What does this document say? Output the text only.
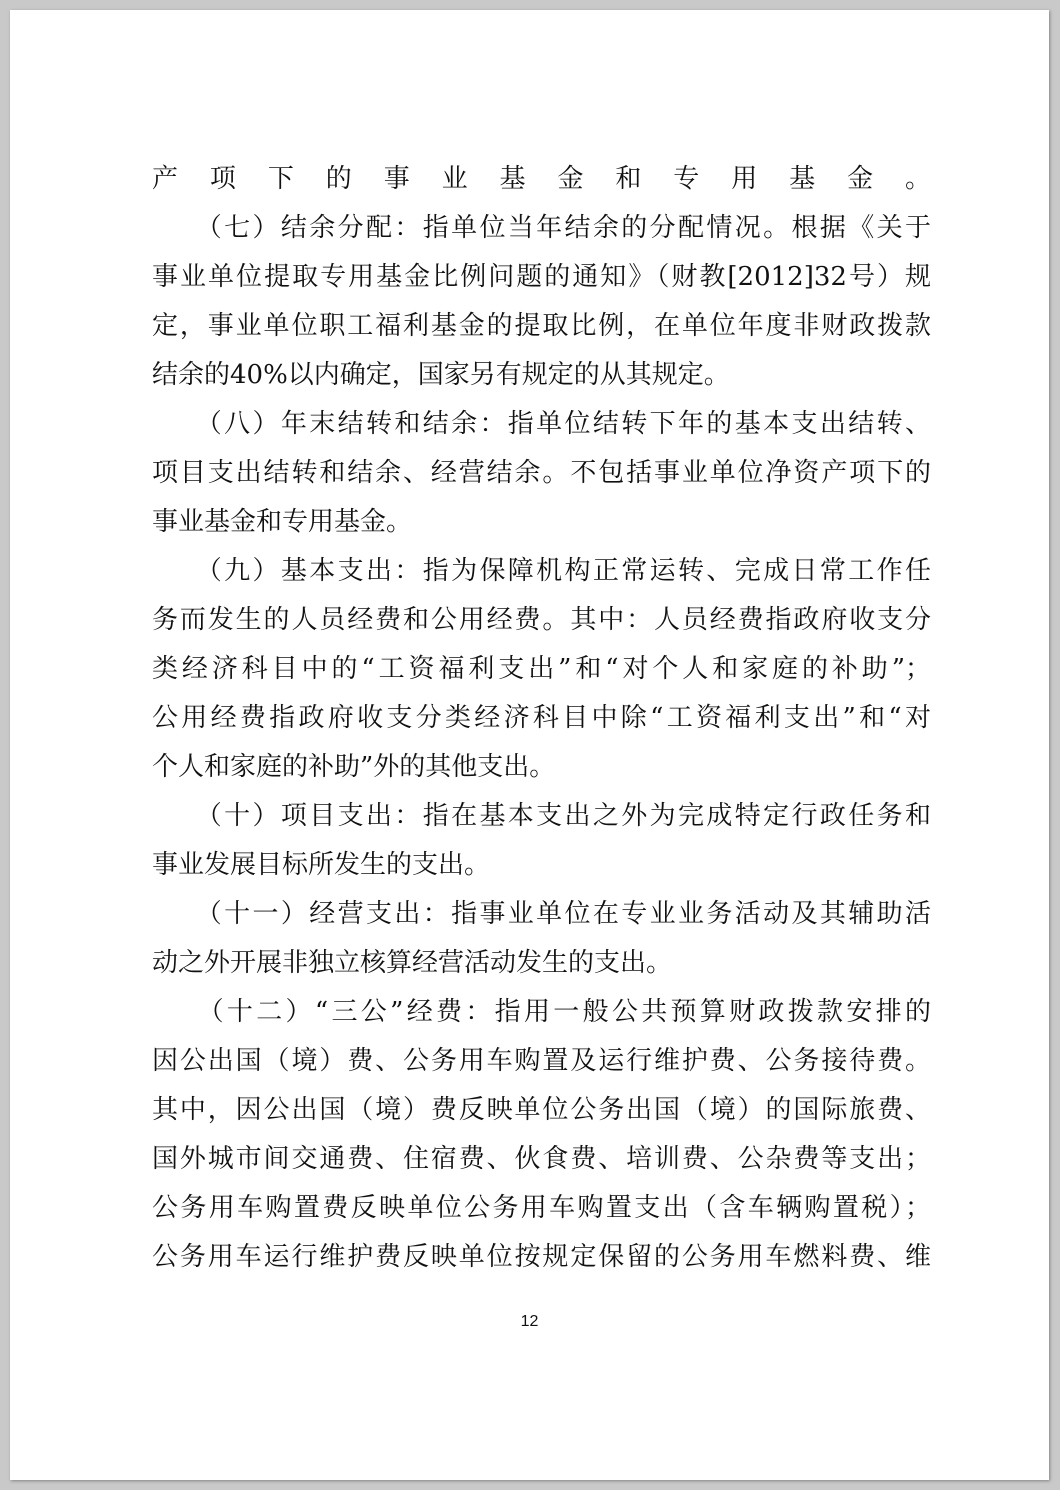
产项下的事业基金和专用基金。
　　（七）结余分配：指单位当年结余的分配情况。根据《关于
事业单位提取专用基金比例问题的通知》（财教[2012]32号）规
定，事业单位职工福利基金的提取比例，在单位年度非财政拨款
结余的40%以内确定，国家另有规定的从其规定。
　　（八）年末结转和结余：指单位结转下年的基本支出结转、
项目支出结转和结余、经营结余。不包括事业单位净资产项下的
事业基金和专用基金。
　　（九）基本支出：指为保障机构正常运转、完成日常工作任
务而发生的人员经费和公用经费。其中：人员经费指政府收支分
类经济科目中的“工资福利支出”和“对个人和家庭的补助”；
公用经费指政府收支分类经济科目中除“工资福利支出”和“对
个人和家庭的补助”外的其他支出。
　　（十）项目支出：指在基本支出之外为完成特定行政任务和
事业发展目标所发生的支出。
　　（十一）经营支出：指事业单位在专业业务活动及其辅助活
动之外开展非独立核算经营活动发生的支出。
　　（十二）“三公”经费：指用一般公共预算财政拨款安排的
因公出国（境）费、公务用车购置及运行维护费、公务接待费。
其中，因公出国（境）费反映单位公务出国（境）的国际旅费、
国外城市间交通费、住宿费、伙食费、培训费、公杂费等支出；
公务用车购置费反映单位公务用车购置支出（含车辆购置税）；
公务用车运行维护费反映单位按规定保留的公务用车燃料费、维
12
